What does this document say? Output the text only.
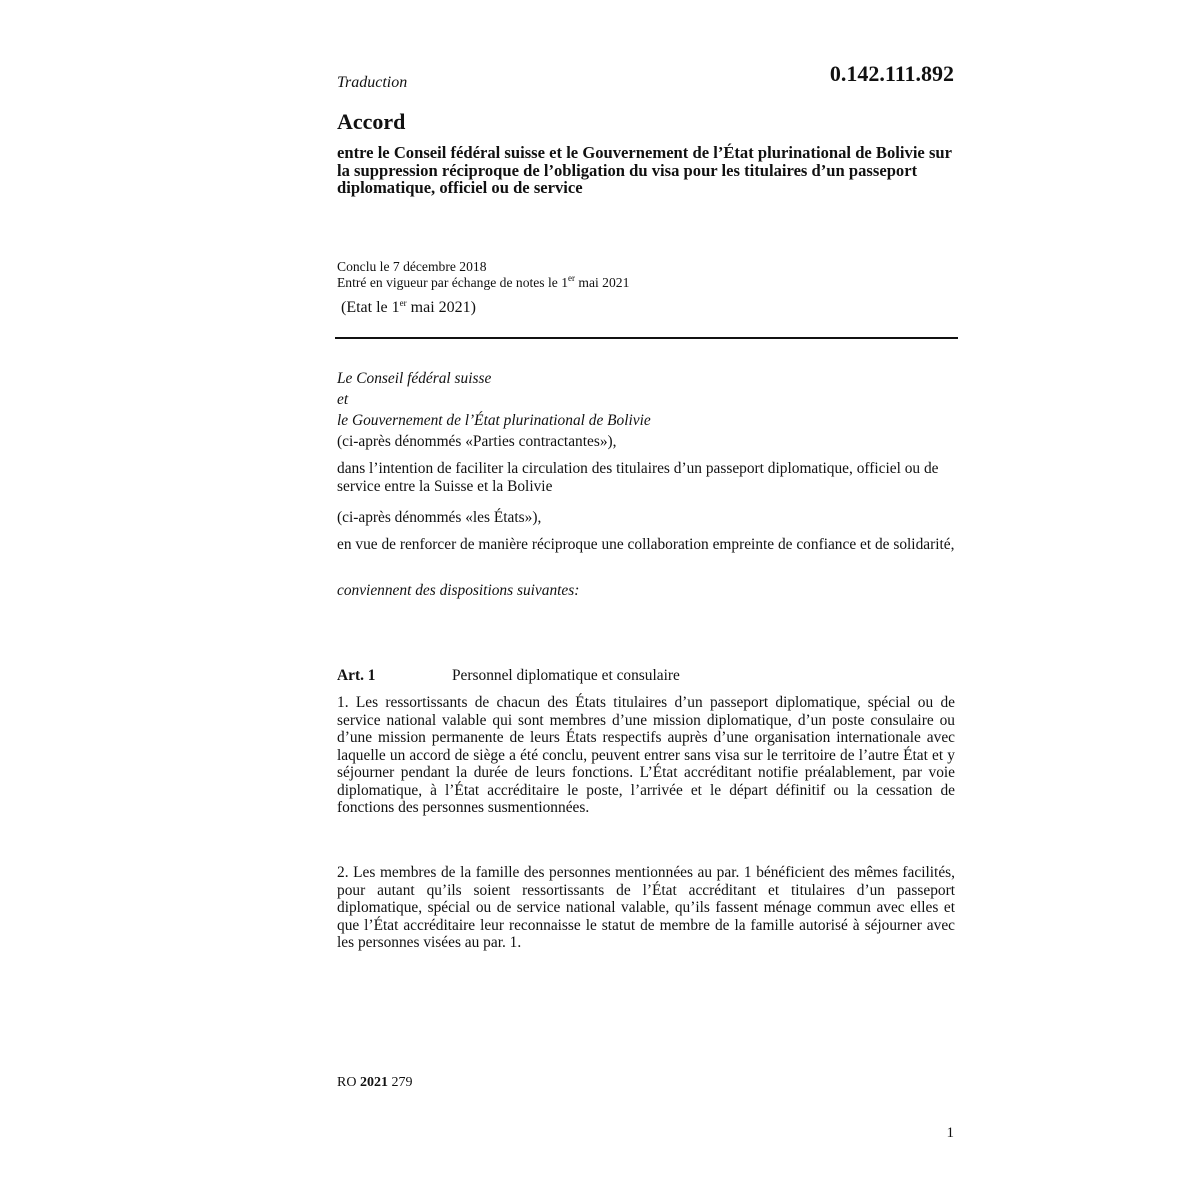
Traduction	0.142.111.892
Accord
entre le Conseil fédéral suisse et le Gouvernement de l’État plurinational de Bolivie sur la suppression réciproque de l’obligation du visa pour les titulaires d’un passeport diplomatique, officiel ou de service
Conclu le 7 décembre 2018
Entré en vigueur par échange de notes le 1er mai 2021
(Etat le 1er mai 2021)
Le Conseil fédéral suisse
et
le Gouvernement de l’État plurinational de Bolivie
(ci-après dénommés «Parties contractantes»),
dans l’intention de faciliter la circulation des titulaires d’un passeport diplomatique, officiel ou de service entre la Suisse et la Bolivie
(ci-après dénommés «les États»),
en vue de renforcer de manière réciproque une collaboration empreinte de confiance et de solidarité,
conviennent des dispositions suivantes:
Art. 1	Personnel diplomatique et consulaire
1. Les ressortissants de chacun des États titulaires d’un passeport diplomatique, spécial ou de service national valable qui sont membres d’une mission diplomatique, d’un poste consulaire ou d’une mission permanente de leurs États respectifs auprès d’une organisation internationale avec laquelle un accord de siège a été conclu, peuvent entrer sans visa sur le territoire de l’autre État et y séjourner pendant la durée de leurs fonctions. L’État accréditant notifie préalablement, par voie diplomatique, à l’État accréditaire le poste, l’arrivée et le départ définitif ou la cessation de fonctions des personnes susmentionnées.
2. Les membres de la famille des personnes mentionnées au par. 1 bénéficient des mêmes facilités, pour autant qu’ils soient ressortissants de l’État accréditant et titulaires d’un passeport diplomatique, spécial ou de service national valable, qu’ils fassent ménage commun avec elles et que l’État accréditaire leur reconnaisse le statut de membre de la famille autorisé à séjourner avec les personnes visées au par. 1.
RO 2021 279
1
